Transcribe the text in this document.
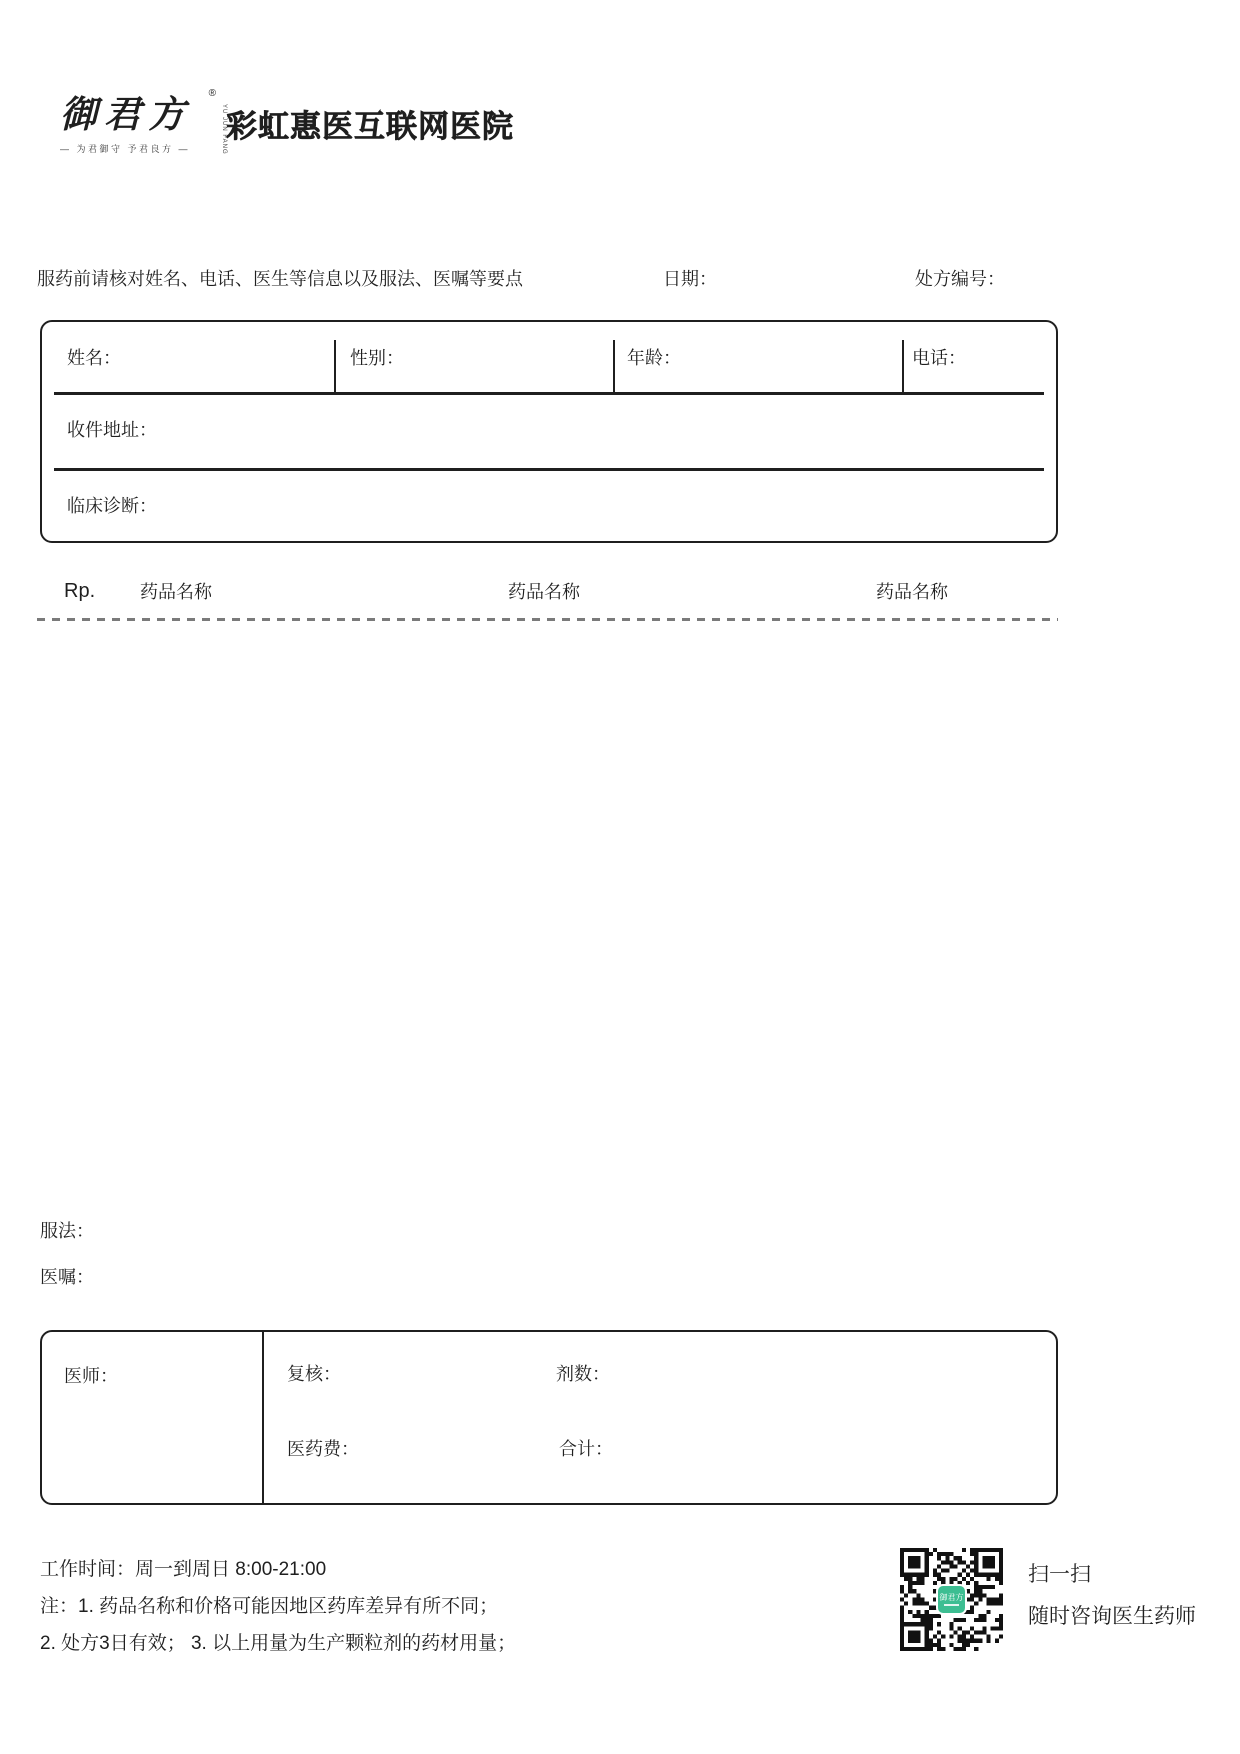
御君方 ®
YU JUN FANG
— 为君御守 予君良方 —
彩虹惠医互联网医院
服药前请核对姓名、电话、医生等信息以及服法、医嘱等要点	日期：	处方编号：
姓名：	性别：	年龄：	电话：
收件地址：
临床诊断：
Rp. 药品名称	药品名称	药品名称
服法：
医嘱：
医师：	复核：	剂数：
医药费：	合计：
工作时间：周一到周日 8:00-21:00
注：1. 药品名称和价格可能因地区药库差异有所不同；
2. 处方3日有效； 3. 以上用量为生产颗粒剂的药材用量；
御君方
扫一扫
随时咨询医生药师
